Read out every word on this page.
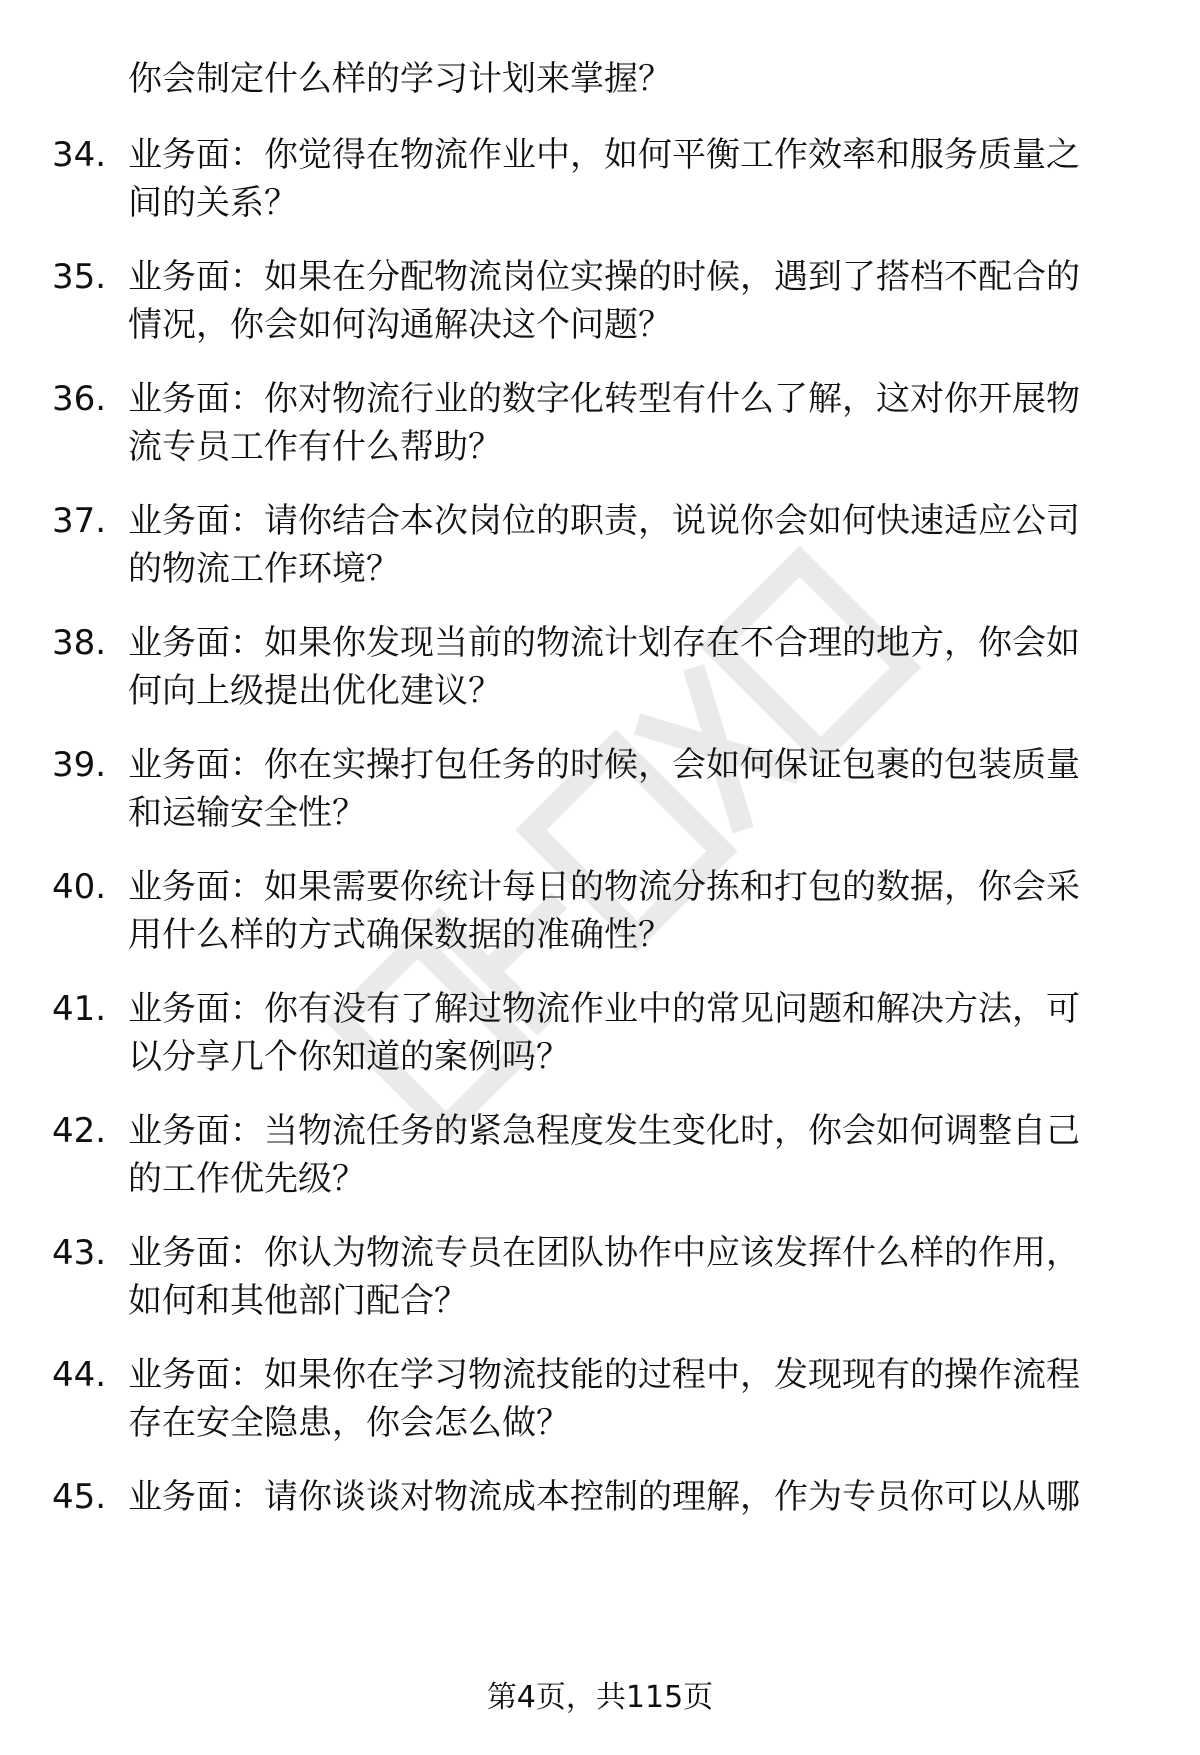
你会制定什么样的学习计划来掌握？
34. 业务面：你觉得在物流作业中，如何平衡工作效率和服务质量之
间的关系？
35. 业务面：如果在分配物流岗位实操的时候，遇到了搭档不配合的
情况，你会如何沟通解决这个问题？
36. 业务面：你对物流行业的数字化转型有什么了解，这对你开展物
流专员工作有什么帮助？
37. 业务面：请你结合本次岗位的职责，说说你会如何快速适应公司
的物流工作环境？
38. 业务面：如果你发现当前的物流计划存在不合理的地方，你会如
何向上级提出优化建议？
39. 业务面：你在实操打包任务的时候，会如何保证包裹的包装质量
和运输安全性？
40. 业务面：如果需要你统计每日的物流分拣和打包的数据，你会采
用什么样的方式确保数据的准确性？
41. 业务面：你有没有了解过物流作业中的常见问题和解决方法，可
以分享几个你知道的案例吗？
42. 业务面：当物流任务的紧急程度发生变化时，你会如何调整自己
的工作优先级？
43. 业务面：你认为物流专员在团队协作中应该发挥什么样的作用，
如何和其他部门配合？
44. 业务面：如果你在学习物流技能的过程中，发现现有的操作流程
存在安全隐患，你会怎么做？
45. 业务面：请你谈谈对物流成本控制的理解，作为专员你可以从哪
第4页，共115页
